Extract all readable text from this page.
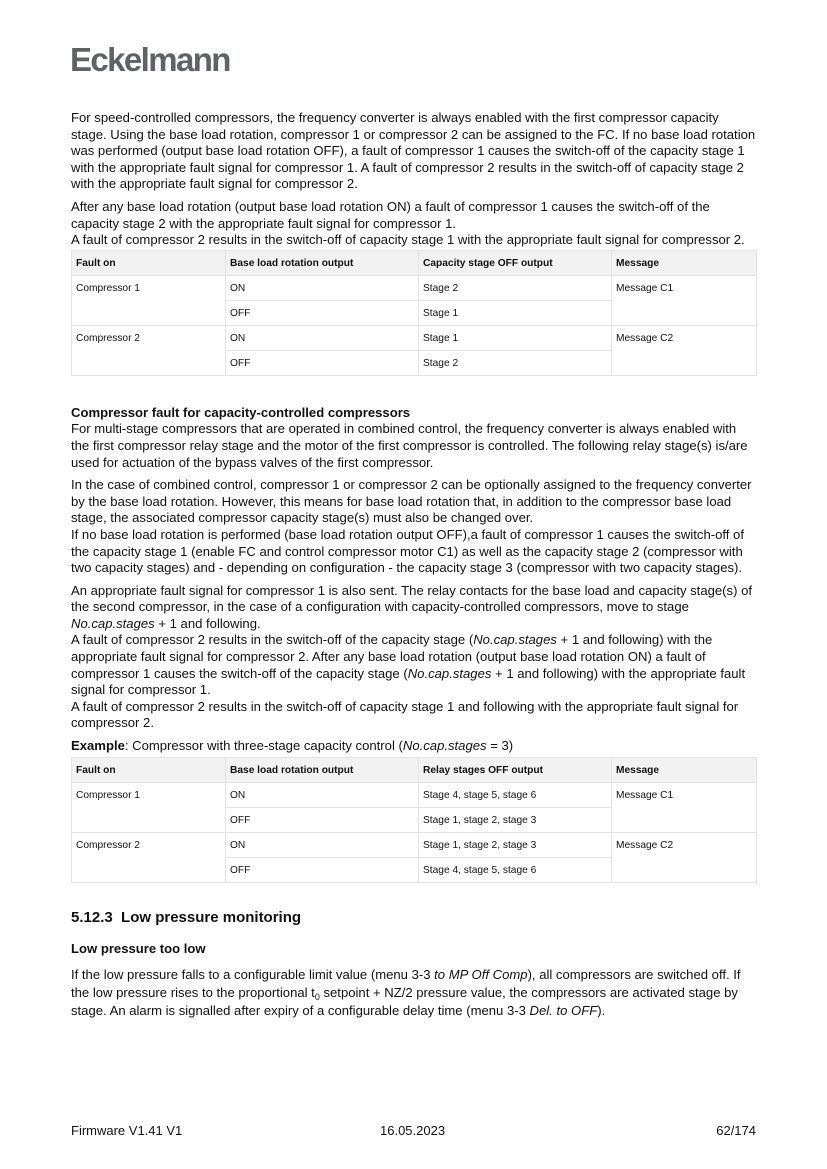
Eckelmann

For speed-controlled compressors, the frequency converter is always enabled with the first compressor capacity stage. Using the base load rotation, compressor 1 or compressor 2 can be assigned to the FC. If no base load rotation was performed (output base load rotation OFF), a fault of compressor 1 causes the switch-off of the capacity stage 1 with the appropriate fault signal for compressor 1. A fault of compressor 2 results in the switch-off of capacity stage 2 with the appropriate fault signal for compressor 2.

After any base load rotation (output base load rotation ON) a fault of compressor 1 causes the switch-off of the capacity stage 2 with the appropriate fault signal for compressor 1.
A fault of compressor 2 results in the switch-off of capacity stage 1 with the appropriate fault signal for compressor 2.

Fault on	Base load rotation output	Capacity stage OFF output	Message
Compressor 1	ON	Stage 2	Message C1
	OFF	Stage 1	
Compressor 2	ON	Stage 1	Message C2
	OFF	Stage 2	

Compressor fault for capacity-controlled compressors

For multi-stage compressors that are operated in combined control, the frequency converter is always enabled with the first compressor relay stage and the motor of the first compressor is controlled. The following relay stage(s) is/are used for actuation of the bypass valves of the first compressor.

In the case of combined control, compressor 1 or compressor 2 can be optionally assigned to the frequency converter by the base load rotation. However, this means for base load rotation that, in addition to the compressor base load stage, the associated compressor capacity stage(s) must also be changed over.
If no base load rotation is performed (base load rotation output OFF),a fault of compressor 1 causes the switch-off of the capacity stage 1 (enable FC and control compressor motor C1) as well as the capacity stage 2 (compressor with two capacity stages) and - depending on configuration - the capacity stage 3 (compressor with two capacity stages).

An appropriate fault signal for compressor 1 is also sent. The relay contacts for the base load and capacity stage(s) of the second compressor, in the case of a configuration with capacity-controlled compressors, move to stage No.cap.stages + 1 and following.
A fault of compressor 2 results in the switch-off of the capacity stage (No.cap.stages + 1 and following) with the appropriate fault signal for compressor 2. After any base load rotation (output base load rotation ON) a fault of compressor 1 causes the switch-off of the capacity stage (No.cap.stages + 1 and following) with the appropriate fault signal for compressor 1.
A fault of compressor 2 results in the switch-off of capacity stage 1 and following with the appropriate fault signal for compressor 2.

Example: Compressor with three-stage capacity control (No.cap.stages = 3)

Fault on	Base load rotation output	Relay stages OFF output	Message
Compressor 1	ON	Stage 4, stage 5, stage 6	Message C1
	OFF	Stage 1, stage 2, stage 3	
Compressor 2	ON	Stage 1, stage 2, stage 3	Message C2
	OFF	Stage 4, stage 5, stage 6	
5.12.3  Low pressure monitoring

Low pressure too low

If the low pressure falls to a configurable limit value (menu 3-3 to MP Off Comp), all compressors are switched off. If the low pressure rises to the proportional $t_0$ setpoint + NZ/2 pressure value, the compressors are activated stage by stage. An alarm is signalled after expiry of a configurable delay time (menu 3-3 Del. to OFF).

Firmware V1.41 V1	16.05.2023	62/174
